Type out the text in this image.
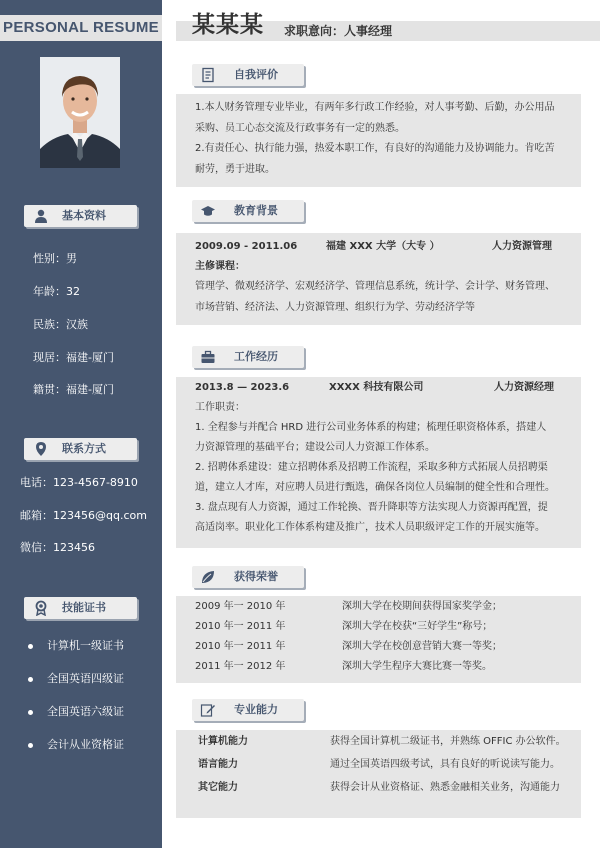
PERSONAL RESUME
基本资料
性别：男
年龄：32
民族：汉族
现居：福建-厦门
籍贯：福建-厦门
联系方式
电话：123-4567-8910
邮箱：123456@qq.com
微信：123456
技能证书
计算机一级证书
全国英语四级证
全国英语六级证
会计从业资格证
某某某 求职意向：人事经理
自我评价
1.本人财务管理专业毕业，有两年多行政工作经验，对人事考勤、后勤，办公用品
采购、员工心态交流及行政事务有一定的熟悉。
2.有责任心、执行能力强，热爱本职工作，有良好的沟通能力及协调能力。肯吃苦
耐劳，勇于进取。
教育背景
2009.09 - 2011.06	福建 XXX 大学（大专 ）	人力资源管理
主修课程：
管理学、微观经济学、宏观经济学、管理信息系统，统计学、会计学、财务管理、
市场营销、经济法、人力资源管理、组织行为学、劳动经济学等
工作经历
2013.8 — 2023.6	XXXX 科技有限公司	人力资源经理
工作职责：
1. 全程参与并配合 HRD 进行公司业务体系的构建；梳理任职资格体系，搭建人
力资源管理的基础平台；建设公司人力资源工作体系。
2. 招聘体系建设：建立招聘体系及招聘工作流程，采取多种方式拓展人员招聘渠
道，建立人才库，对应聘人员进行甄选，确保各岗位人员编制的健全性和合理性。
3. 盘点现有人力资源，通过工作轮换、晋升降职等方法实现人力资源再配置，提
高适岗率。职业化工作体系构建及推广，技术人员职级评定工作的开展实施等。
获得荣誉
2009 年一 2010 年	深圳大学在校期间获得国家奖学金；
2010 年一 2011 年	深圳大学在校获“三好学生”称号；
2010 年一 2011 年	深圳大学在校创意营销大赛一等奖；
2011 年一 2012 年	深圳大学生程序大赛比赛一等奖。
专业能力
计算机能力	获得全国计算机二级证书，并熟练 OFFIC 办公软件。
语言能力	通过全国英语四级考试，具有良好的听说读写能力。
其它能力	获得会计从业资格证、熟悉金融相关业务，沟通能力
